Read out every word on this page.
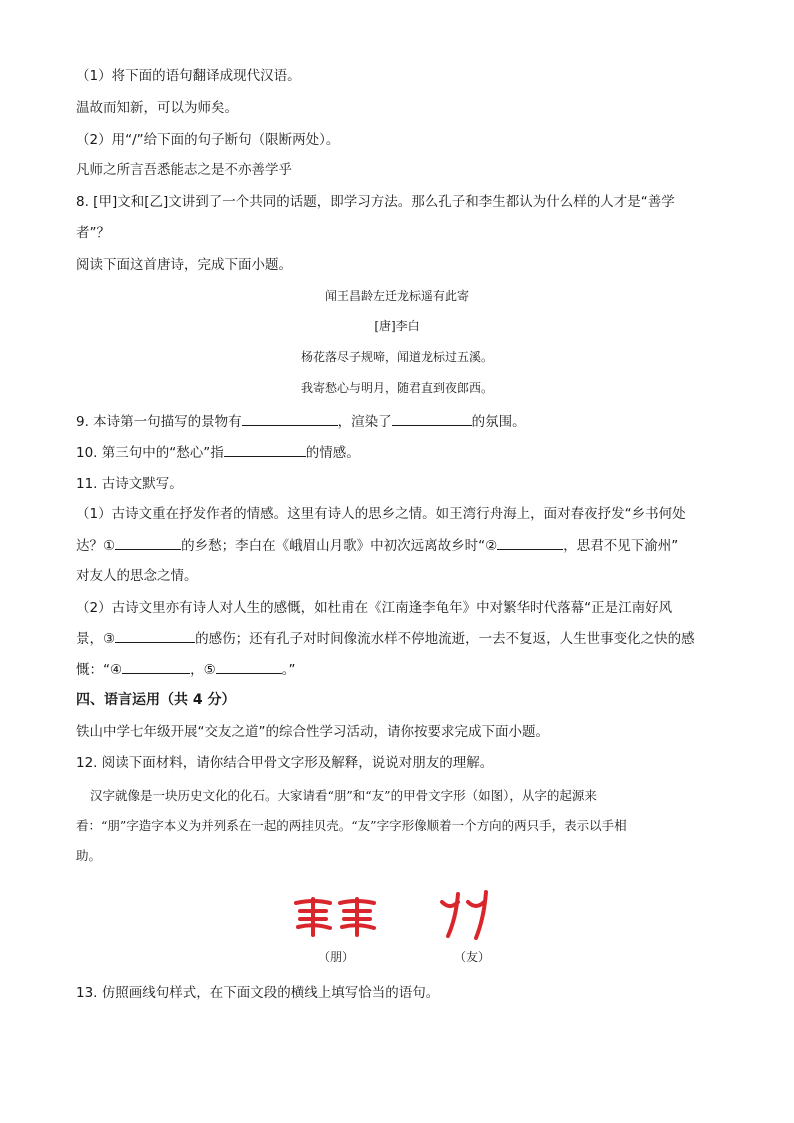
（1）将下面的语句翻译成现代汉语。
温故而知新，可以为师矣。
（2）用“/”给下面的句子断句（限断两处）。
凡师之所言吾悉能志之是不亦善学乎
8. [甲]文和[乙]文讲到了一个共同的话题，即学习方法。那么孔子和李生都认为什么样的人才是“善学
者”？
阅读下面这首唐诗，完成下面小题。
闻王昌龄左迁龙标遥有此寄
[唐]李白
杨花落尽子规啼，闻道龙标过五溪。
我寄愁心与明月，随君直到夜郎西。
9. 本诗第一句描写的景物有	，渲染了	的氛围。
10. 第三句中的“愁心”指	的情感。
11. 古诗文默写。
（1）古诗文重在抒发作者的情感。这里有诗人的思乡之情。如王湾行舟海上，面对春夜抒发“乡书何处
达？①	的乡愁；李白在《峨眉山月歌》中初次远离故乡时“②	，思君不见下渝州”
对友人的思念之情。
（2）古诗文里亦有诗人对人生的感慨，如杜甫在《江南逢李龟年》中对繁华时代落幕“正是江南好风
景，③	的感伤；还有孔子对时间像流水样不停地流逝，一去不复返，人生世事变化之快的感
慨：“④	，⑤	。”
四、语言运用（共 4 分）
铁山中学七年级开展“交友之道”的综合性学习活动，请你按要求完成下面小题。
12. 阅读下面材料，请你结合甲骨文字形及解释，说说对朋友的理解。
汉字就像是一块历史文化的化石。大家请看“朋”和“友”的甲骨文字形（如图），从字的起源来
看：“朋”字造字本义为并列系在一起的两挂贝壳。“友”字字形像顺着一个方向的两只手，表示以手相
助。
（朋）	（友）
13. 仿照画线句样式，在下面文段的横线上填写恰当的语句。
